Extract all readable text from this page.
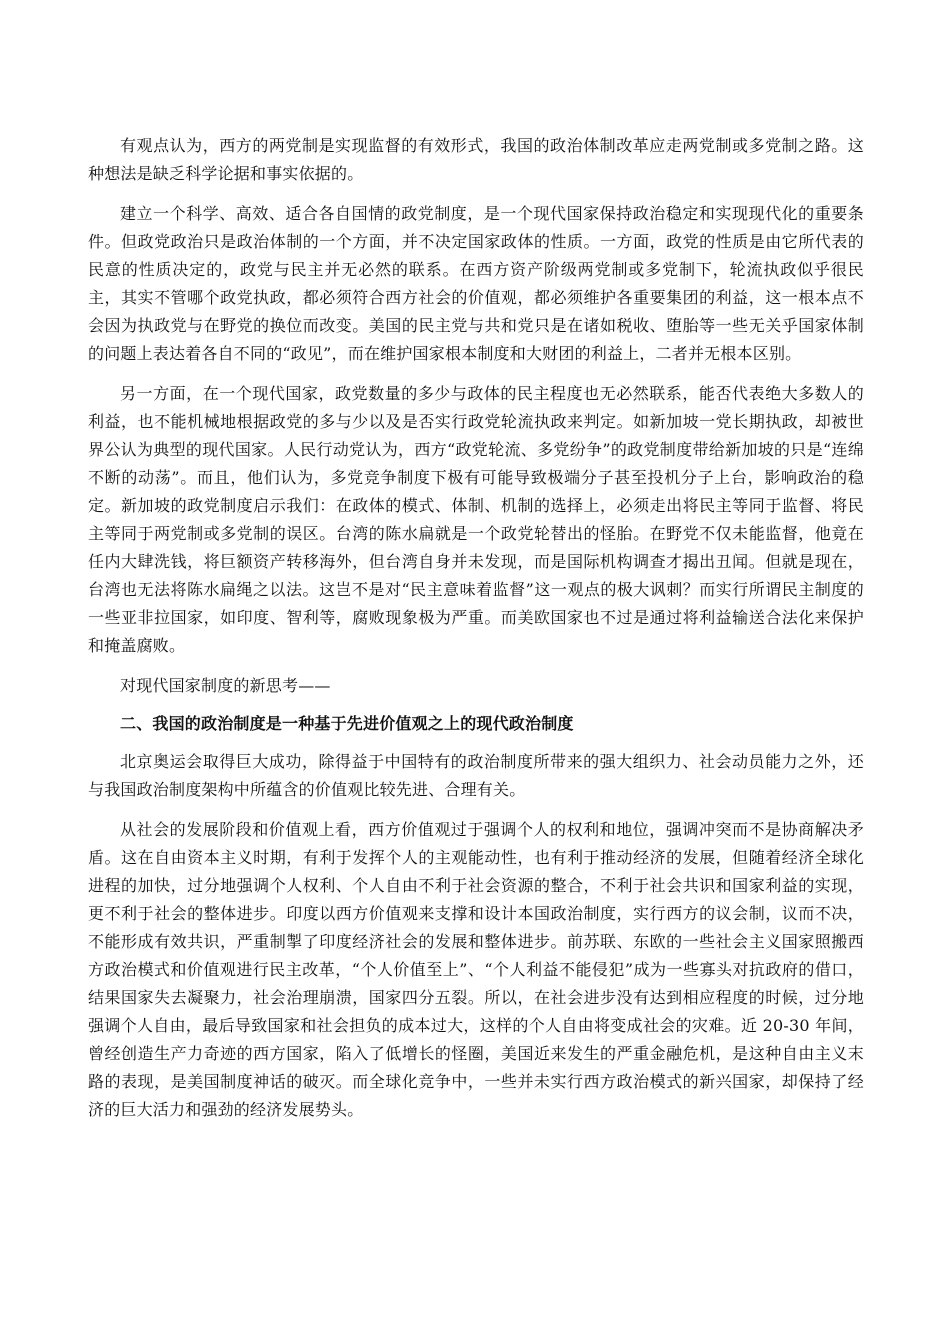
有观点认为，西方的两党制是实现监督的有效形式，我国的政治体制改革应走两党制或多党制之路。这种想法是缺乏科学论据和事实依据的。

建立一个科学、高效、适合各自国情的政党制度，是一个现代国家保持政治稳定和实现现代化的重要条件。但政党政治只是政治体制的一个方面，并不决定国家政体的性质。一方面，政党的性质是由它所代表的民意的性质决定的，政党与民主并无必然的联系。在西方资产阶级两党制或多党制下，轮流执政似乎很民主，其实不管哪个政党执政，都必须符合西方社会的价值观，都必须维护各重要集团的利益，这一根本点不会因为执政党与在野党的换位而改变。美国的民主党与共和党只是在诸如税收、堕胎等一些无关乎国家体制的问题上表达着各自不同的“政见”，而在维护国家根本制度和大财团的利益上，二者并无根本区别。

另一方面，在一个现代国家，政党数量的多少与政体的民主程度也无必然联系，能否代表绝大多数人的利益，也不能机械地根据政党的多与少以及是否实行政党轮流执政来判定。如新加坡一党长期执政，却被世界公认为典型的现代国家。人民行动党认为，西方“政党轮流、多党纷争”的政党制度带给新加坡的只是“连绵不断的动荡”。而且，他们认为，多党竞争制度下极有可能导致极端分子甚至投机分子上台，影响政治的稳定。新加坡的政党制度启示我们：在政体的模式、体制、机制的选择上，必须走出将民主等同于监督、将民主等同于两党制或多党制的误区。台湾的陈水扁就是一个政党轮替出的怪胎。在野党不仅未能监督，他竟在任内大肆洗钱，将巨额资产转移海外，但台湾自身并未发现，而是国际机构调查才揭出丑闻。但就是现在，台湾也无法将陈水扁绳之以法。这岂不是对“民主意味着监督”这一观点的极大讽刺？而实行所谓民主制度的一些亚非拉国家，如印度、智利等，腐败现象极为严重。而美欧国家也不过是通过将利益输送合法化来保护和掩盖腐败。

对现代国家制度的新思考——

二、我国的政治制度是一种基于先进价值观之上的现代政治制度

北京奥运会取得巨大成功，除得益于中国特有的政治制度所带来的强大组织力、社会动员能力之外，还与我国政治制度架构中所蕴含的价值观比较先进、合理有关。

从社会的发展阶段和价值观上看，西方价值观过于强调个人的权利和地位，强调冲突而不是协商解决矛盾。这在自由资本主义时期，有利于发挥个人的主观能动性，也有利于推动经济的发展，但随着经济全球化进程的加快，过分地强调个人权利、个人自由不利于社会资源的整合，不利于社会共识和国家利益的实现，更不利于社会的整体进步。印度以西方价值观来支撑和设计本国政治制度，实行西方的议会制，议而不决，不能形成有效共识，严重制掣了印度经济社会的发展和整体进步。前苏联、东欧的一些社会主义国家照搬西方政治模式和价值观进行民主改革，“个人价值至上”、“个人利益不能侵犯”成为一些寡头对抗政府的借口，结果国家失去凝聚力，社会治理崩溃，国家四分五裂。所以，在社会进步没有达到相应程度的时候，过分地强调个人自由，最后导致国家和社会担负的成本过大，这样的个人自由将变成社会的灾难。近 20-30 年间，曾经创造生产力奇迹的西方国家，陷入了低增长的怪圈，美国近来发生的严重金融危机，是这种自由主义末路的表现，是美国制度神话的破灭。而全球化竞争中，一些并未实行西方政治模式的新兴国家，却保持了经济的巨大活力和强劲的经济发展势头。
